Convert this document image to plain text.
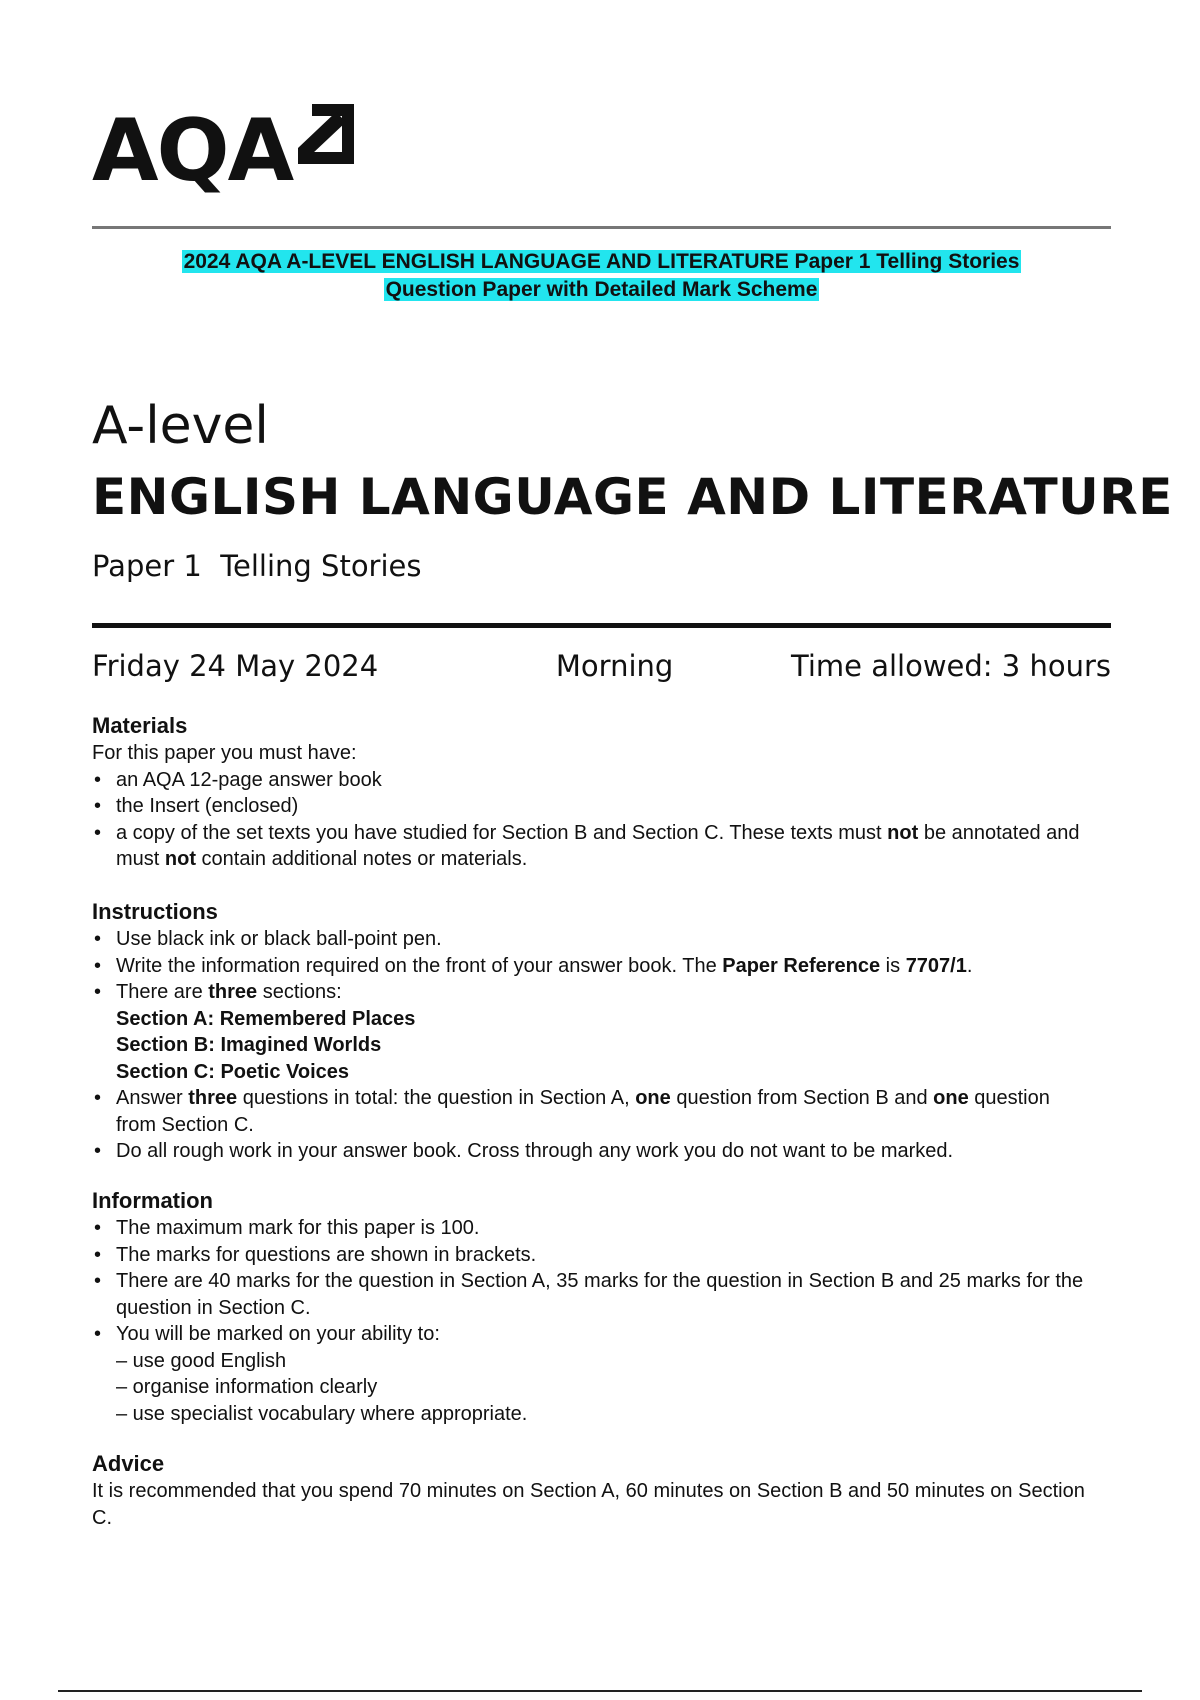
AQA
2024 AQA A-LEVEL ENGLISH LANGUAGE AND LITERATURE Paper 1 Telling Stories
Question Paper with Detailed Mark Scheme
A-level
ENGLISH LANGUAGE AND LITERATURE
Paper 1  Telling Stories
Friday 24 May 2024	Morning	Time allowed: 3 hours
Materials

For this paper you must have:

• an AQA 12-page answer book
• the Insert (enclosed)
• a copy of the set texts you have studied for Section B and Section C. These texts must not be annotated and must not contain additional notes or materials.
Instructions
• Use black ink or black ball-point pen.
• Write the information required on the front of your answer book. The Paper Reference is 7707/1.
• There are three sections:
Section A: Remembered Places
Section B: Imagined Worlds
Section C: Poetic Voices
• Answer three questions in total: the question in Section A, one question from Section B and one question from Section C.
• Do all rough work in your answer book. Cross through any work you do not want to be marked.
Information
• The maximum mark for this paper is 100.
• The marks for questions are shown in brackets.
• There are 40 marks for the question in Section A, 35 marks for the question in Section B and 25 marks for the question in Section C.
• You will be marked on your ability to:
– use good English
– organise information clearly
– use specialist vocabulary where appropriate.
Advice

It is recommended that you spend 70 minutes on Section A, 60 minutes on Section B and 50 minutes on Section C.
